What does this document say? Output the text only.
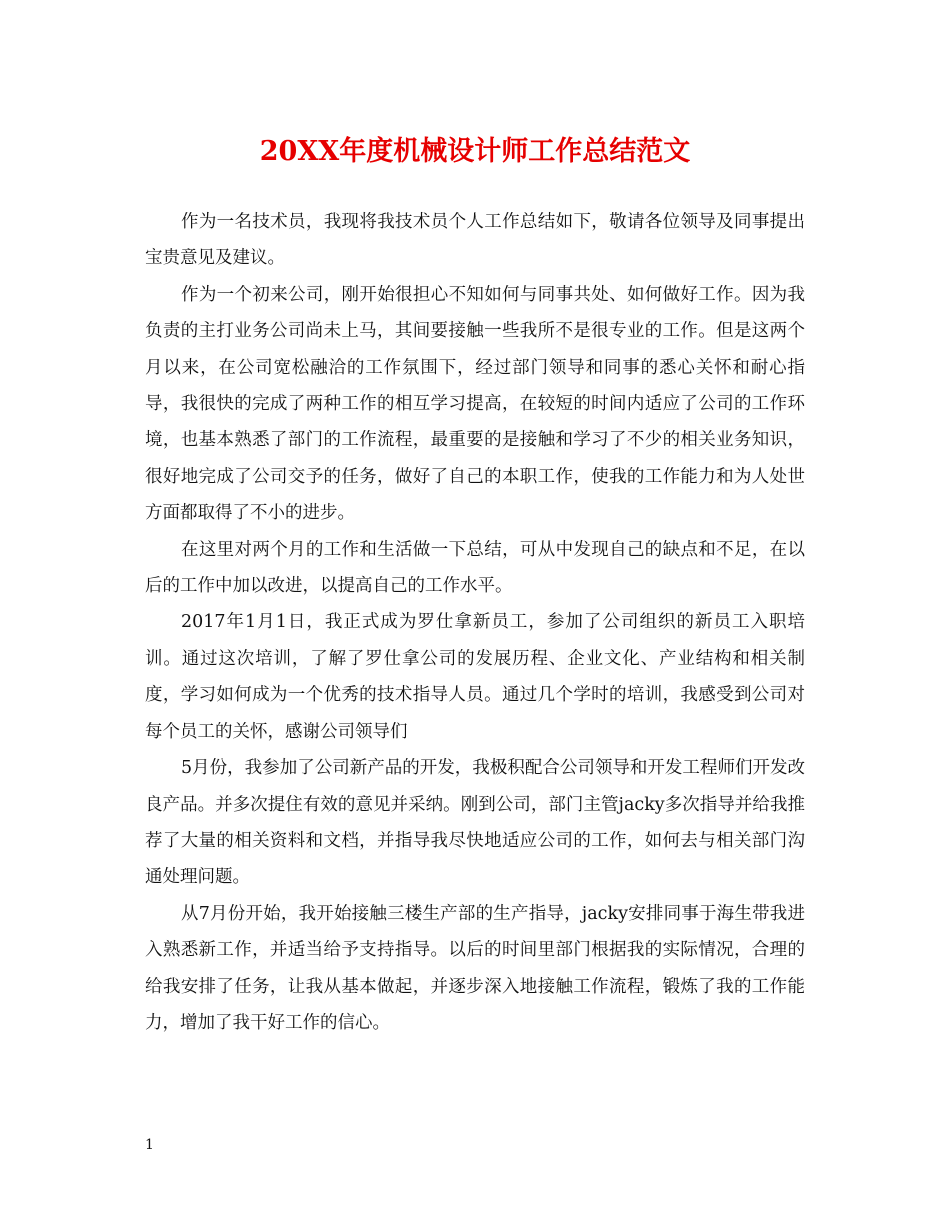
20XX年度机械设计师工作总结范文

作为一名技术员，我现将我技术员个人工作总结如下，敬请各位领导及同事提出宝贵意见及建议。

作为一个初来公司，刚开始很担心不知如何与同事共处、如何做好工作。因为我负责的主打业务公司尚未上马，其间要接触一些我所不是很专业的工作。但是这两个月以来，在公司宽松融洽的工作氛围下，经过部门领导和同事的悉心关怀和耐心指导，我很快的完成了两种工作的相互学习提高，在较短的时间内适应了公司的工作环境，也基本熟悉了部门的工作流程，最重要的是接触和学习了不少的相关业务知识，很好地完成了公司交予的任务，做好了自己的本职工作，使我的工作能力和为人处世方面都取得了不小的进步。

在这里对两个月的工作和生活做一下总结，可从中发现自己的缺点和不足，在以后的工作中加以改进，以提高自己的工作水平。

2017年1月1日，我正式成为罗仕拿新员工，参加了公司组织的新员工入职培训。通过这次培训，了解了罗仕拿公司的发展历程、企业文化、产业结构和相关制度，学习如何成为一个优秀的技术指导人员。通过几个学时的培训，我感受到公司对每个员工的关怀，感谢公司领导们

5月份，我参加了公司新产品的开发，我极积配合公司领导和开发工程师们开发改良产品。并多次提住有效的意见并采纳。刚到公司，部门主管jacky多次指导并给我推荐了大量的相关资料和文档，并指导我尽快地适应公司的工作，如何去与相关部门沟通处理问题。

从7月份开始，我开始接触三楼生产部的生产指导，jacky安排同事于海生带我进入熟悉新工作，并适当给予支持指导。以后的时间里部门根据我的实际情况，合理的给我安排了任务，让我从基本做起，并逐步深入地接触工作流程，锻炼了我的工作能力，增加了我干好工作的信心。

1
